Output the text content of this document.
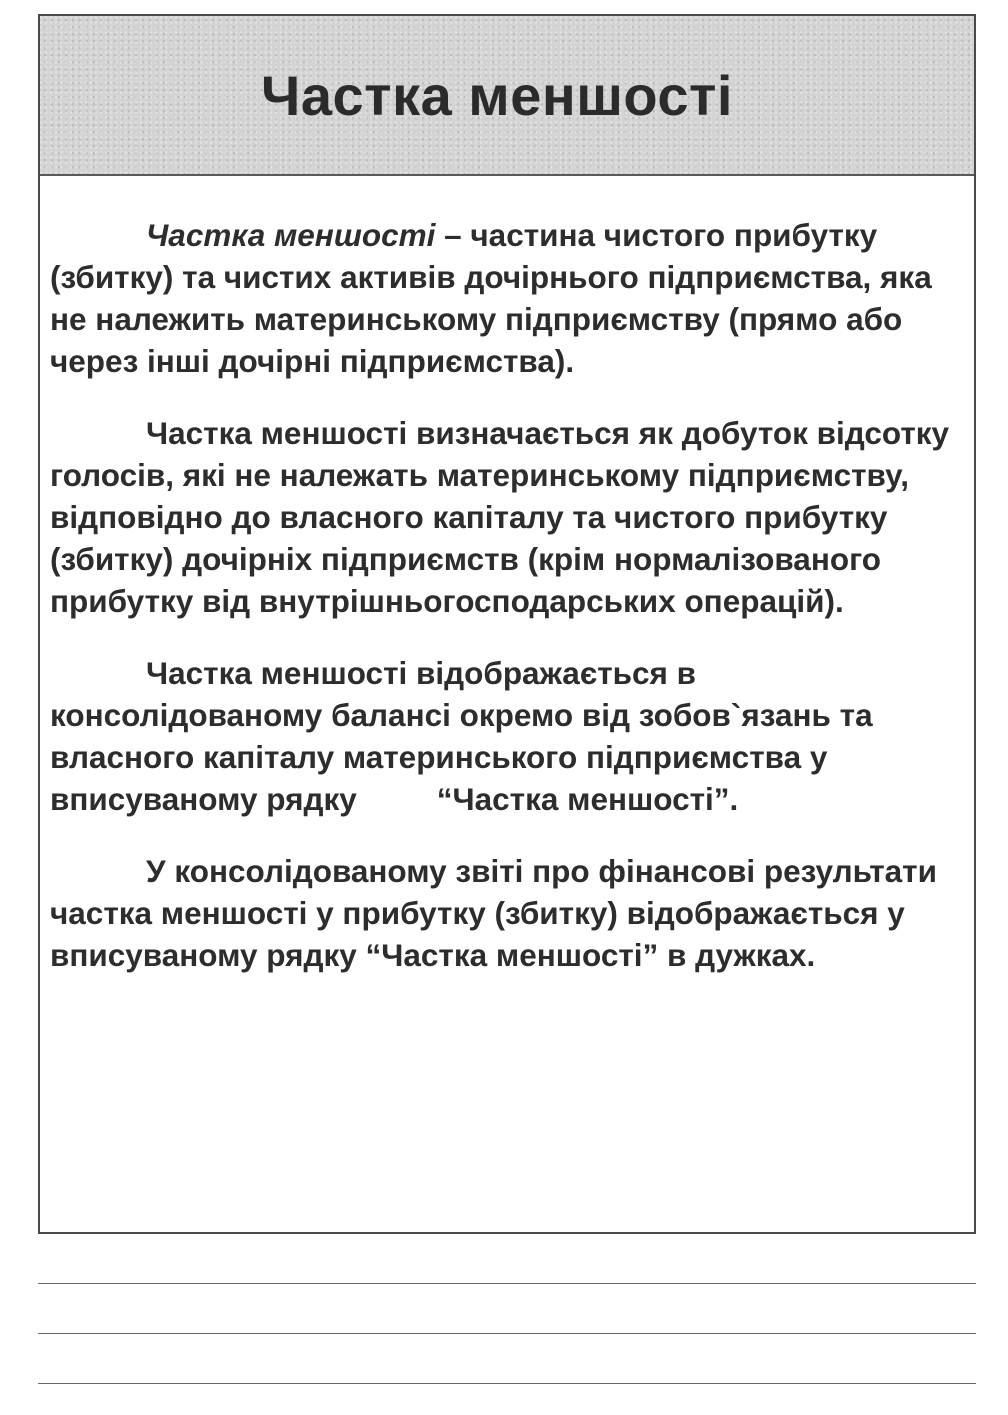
Частка меншості

Частка меншості – частина чистого прибутку (збитку) та чистих активів дочірнього підприємства, яка не належить материнському підприємству (прямо або через інші дочірні підприємства).

Частка меншості визначається як добуток відсотку голосів, які не належать материнському підприємству, відповідно до власного капіталу та чистого прибутку (збитку) дочірніх підприємств (крім нормалізованого прибутку від внутрішньогосподарських операцій).

Частка меншості відображається в консолідованому балансі окремо від зобов`язань та власного капіталу материнського підприємства у вписуваному рядку	“Частка меншості”.

У консолідованому звіті про фінансові результати частка меншості у прибутку (збитку) відображається у вписуваному рядку “Частка меншості” в дужках.
